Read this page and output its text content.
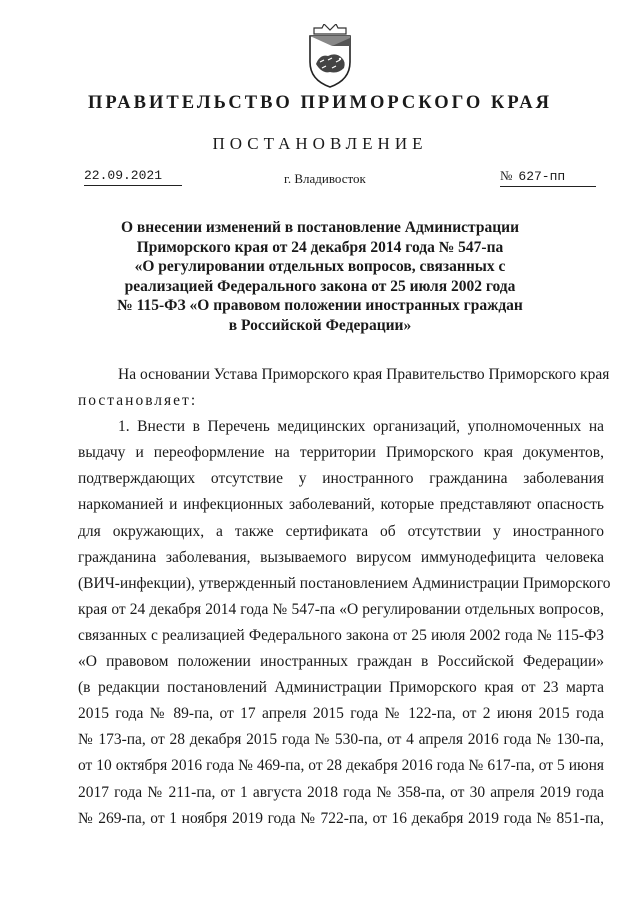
ПРАВИТЕЛЬСТВО ПРИМОРСКОГО КРАЯ
ПОСТАНОВЛЕНИЕ
22.09.2021	г. Владивосток	№ 627-пп
О внесении изменений в постановление Администрации
Приморского края от 24 декабря 2014 года № 547-па
«О регулировании отдельных вопросов, связанных с
реализацией Федерального закона от 25 июля 2002 года
№ 115-ФЗ «О правовом положении иностранных граждан
в Российской Федерации»
На основании Устава Приморского края Правительство Приморского края
постановляет:
1. Внести в Перечень медицинских организаций, уполномоченных на
выдачу и переоформление на территории Приморского края документов,
подтверждающих отсутствие у иностранного гражданина заболевания
наркоманией и инфекционных заболеваний, которые представляют опасность
для окружающих, а также сертификата об отсутствии у иностранного
гражданина заболевания, вызываемого вирусом иммунодефицита человека
(ВИЧ-инфекции), утвержденный постановлением Администрации Приморского
края от 24 декабря 2014 года № 547-па «О регулировании отдельных вопросов,
связанных с реализацией Федерального закона от 25 июля 2002 года № 115-ФЗ
«О правовом положении иностранных граждан в Российской Федерации»
(в редакции постановлений Администрации Приморского края от 23 марта
2015 года № 89-па, от 17 апреля 2015 года № 122-па, от 2 июня 2015 года
№ 173-па, от 28 декабря 2015 года № 530-па, от 4 апреля 2016 года № 130-па,
от 10 октября 2016 года № 469-па, от 28 декабря 2016 года № 617-па, от 5 июня
2017 года № 211-па, от 1 августа 2018 года № 358-па, от 30 апреля 2019 года
№ 269-па, от 1 ноября 2019 года № 722-па, от 16 декабря 2019 года № 851-па,
